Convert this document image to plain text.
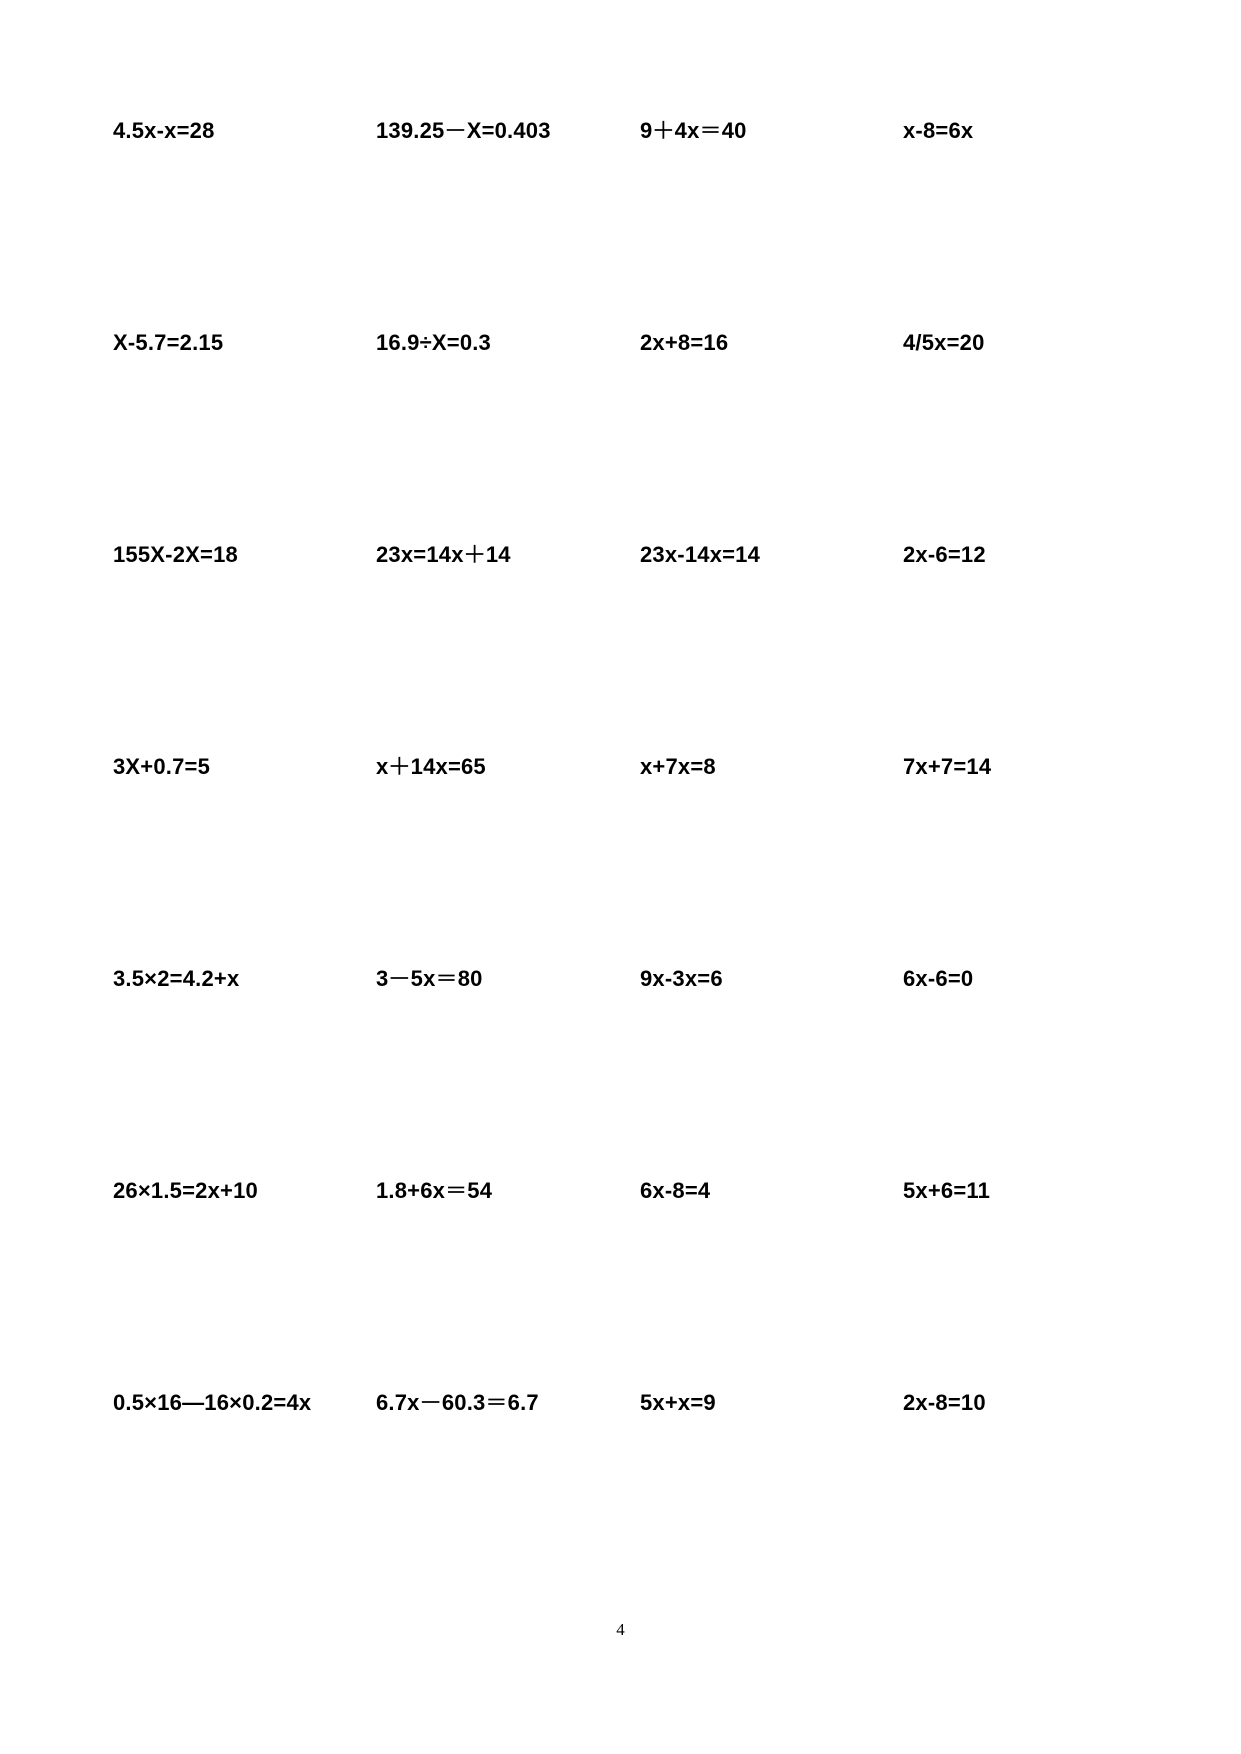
4.5x-x=28	139.25－X=0.403	9＋4x＝40	x-8=6x
X-5.7=2.15	16.9÷X=0.3	2x+8=16	4/5x=20
155X-2X=18	23x=14x＋14	23x-14x=14	2x-6=12
3X+0.7=5	x＋14x=65	x+7x=8	7x+7=14
3.5×2=4.2+x	3－5x＝80	9x-3x=6	6x-6=0
26×1.5=2x+10	1.8+6x＝54	6x-8=4	5x+6=11
0.5×16—16×0.2=4x	6.7x－60.3＝6.7	5x+x=9	2x-8=10
4
